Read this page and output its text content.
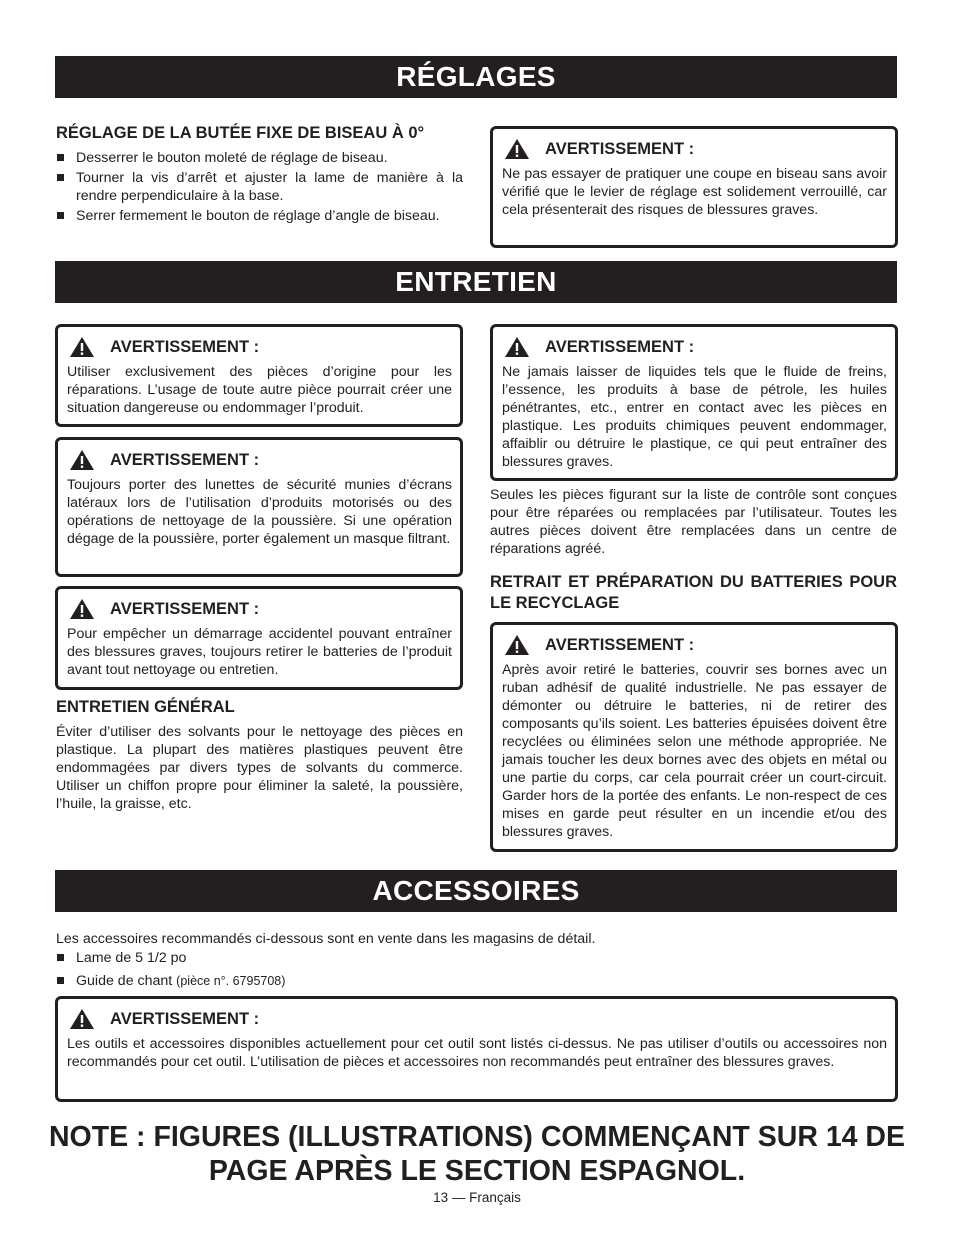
RÉGLAGES
RÉGLAGE DE LA BUTÉE FIXE DE BISEAU À 0°
Desserrer le bouton moleté de réglage de biseau.
Tourner la vis d’arrêt et ajuster la lame de manière à la rendre perpendiculaire à la base.
Serrer fermement le bouton de réglage d’angle de biseau.
AVERTISSEMENT :
Ne pas essayer de pratiquer une coupe en biseau sans avoir vérifié que le levier de réglage est solidement verrouillé, car cela présenterait des risques de blessures graves.
ENTRETIEN
AVERTISSEMENT :
Utiliser exclusivement des pièces d’origine pour les réparations. L’usage de toute autre pièce pourrait créer une situation dangereuse ou endommager l’produit.
AVERTISSEMENT :
Toujours porter des lunettes de sécurité munies d’écrans latéraux lors de l’utilisation d’produits motorisés ou des opérations de nettoyage de la poussière. Si une opération dégage de la poussière, porter également un masque filtrant.
AVERTISSEMENT :
Pour empêcher un démarrage accidentel pouvant entraîner des blessures graves, toujours retirer le batteries de l’produit avant tout nettoyage ou entretien.
ENTRETIEN GÉNÉRAL
Éviter d’utiliser des solvants pour le nettoyage des pièces en plastique. La plupart des matières plastiques peuvent être endommagées par divers types de solvants du commerce. Utiliser un chiffon propre pour éliminer la saleté, la poussière, l’huile, la graisse, etc.
AVERTISSEMENT :
Ne jamais laisser de liquides tels que le fluide de freins, l’essence, les produits à base de pétrole, les huiles pénétrantes, etc., entrer en contact avec les pièces en plastique. Les produits chimiques peuvent endommager, affaiblir ou détruire le plastique, ce qui peut entraîner des blessures graves.
Seules les pièces figurant sur la liste de contrôle sont conçues pour être réparées ou remplacées par l’utilisateur. Toutes les autres pièces doivent être remplacées dans un centre de réparations agréé.
RETRAIT ET PRÉPARATION DU BATTERIES POUR LE RECYCLAGE
AVERTISSEMENT :
Après avoir retiré le batteries, couvrir ses bornes avec un ruban adhésif de qualité industrielle. Ne pas essayer de démonter ou détruire le batteries, ni de retirer des composants qu’ils soient. Les batteries épuisées doivent être recyclées ou éliminées selon une méthode appropriée. Ne jamais toucher les deux bornes avec des objets en métal ou une partie du corps, car cela pourrait créer un court-circuit. Garder hors de la portée des enfants. Le non-respect de ces mises en garde peut résulter en un incendie et/ou des blessures graves.
ACCESSOIRES
Les accessoires recommandés ci-dessous sont en vente dans les magasins de détail.
Lame de 5 1/2 po
Guide de chant (pièce n°. 6795708)
AVERTISSEMENT :
Les outils et accessoires disponibles actuellement pour cet outil sont listés ci-dessus. Ne pas utiliser d’outils ou accessoires non recommandés pour cet outil. L’utilisation de pièces et accessoires non recommandés peut entraîner des blessures graves.
NOTE : FIGURES (ILLUSTRATIONS) COMMENÇANT SUR 14 DE
PAGE APRÈS LE SECTION ESPAGNOL.
13 — Français
